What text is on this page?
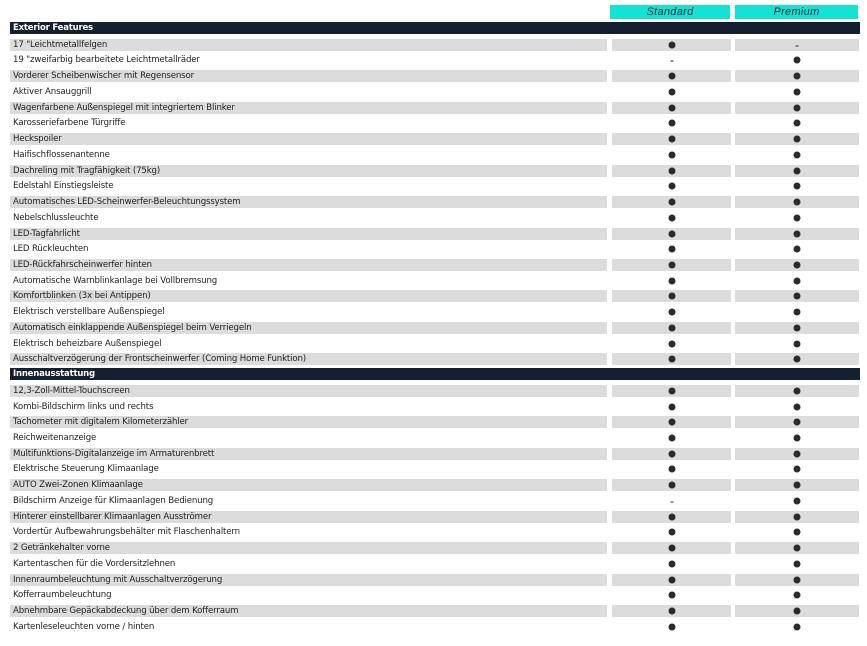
Standard	Premium
Exterior Features
17 "Leichtmetallfelgen
19 "zweifarbig bearbeitete Leichtmetallräder
Vorderer Scheibenwischer mit Regensensor
Aktiver Ansauggrill
Wagenfarbene Außenspiegel mit integriertem Blinker
Karosseriefarbene Türgriffe
Heckspoiler
Haifischflossenantenne
Dachreling mit Tragfähigkeit (75kg)
Edelstahl Einstiegsleiste
Automatisches LED-Scheinwerfer-Beleuchtungssystem
Nebelschlussleuchte
LED-Tagfahrlicht
LED Rückleuchten
LED-Rückfahrscheinwerfer hinten
Automatische Warnblinkanlage bei Vollbremsung
Komfortblinken (3x bei Antippen)
Elektrisch verstellbare Außenspiegel
Automatisch einklappende Außenspiegel beim Verriegeln
Elektrisch beheizbare Außenspiegel
Ausschaltverzögerung der Frontscheinwerfer (Coming Home Funktion)
Innenausstattung
12,3-Zoll-Mittel-Touchscreen
Kombi-Bildschirm links und rechts
Tachometer mit digitalem Kilometerzähler
Reichweitenanzeige
Multifunktions-Digitalanzeige im Armaturenbrett
Elektrische Steuerung Klimaanlage
AUTO Zwei-Zonen Klimaanlage
Bildschirm Anzeige für Klimaanlagen Bedienung
Hinterer einstellbarer Klimaanlagen Ausströmer
Vordertür Aufbewahrungsbehälter mit Flaschenhaltern
2 Getränkehalter vorne
Kartentaschen für die Vordersitzlehnen
Innenraumbeleuchtung mit Ausschaltverzögerung
Kofferraumbeleuchtung
Abnehmbare Gepäckabdeckung über dem Kofferraum
Kartenleseleuchten vorne / hinten
